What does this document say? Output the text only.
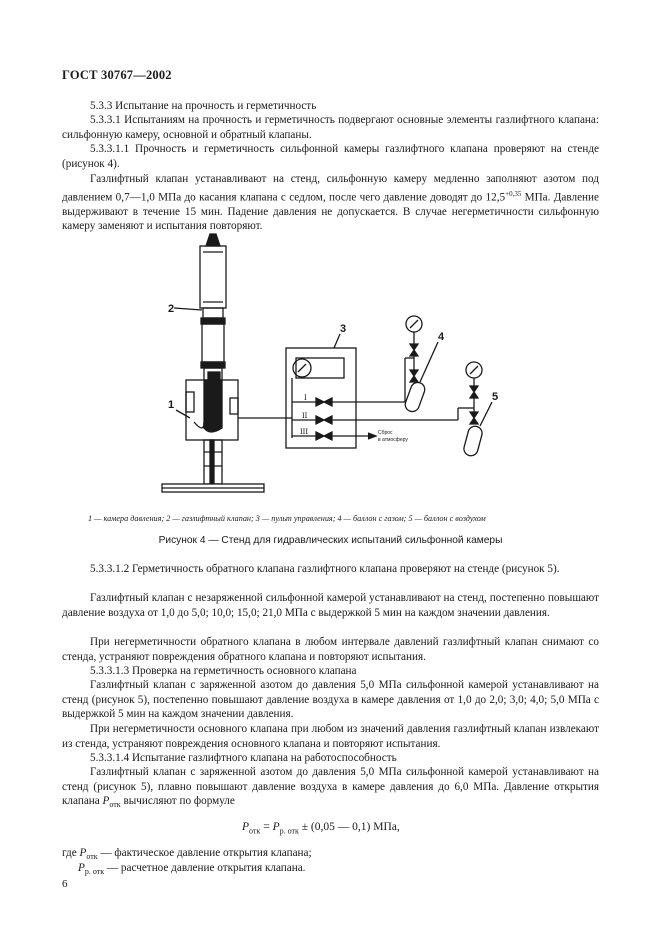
ГОСТ 30767—2002
5.3.3 Испытание на прочность и герметичность
5.3.3.1 Испытаниям на прочность и герметичность подвергают основные элементы газлифтного клапана: сильфонную камеру, основной и обратный клапаны.
5.3.3.1.1 Прочность и герметичность сильфонной камеры газлифтного клапана проверяют на стенде (рисунок 4).
Газлифтный клапан устанавливают на стенд, сильфонную камеру медленно заполняют азотом под давлением 0,7—1,0 МПа до касания клапана с седлом, после чего давление доводят до $12,5^{+0,35}$ МПа. Давление выдерживают в течение 15 мин. Падение давления не допускается. В случае негерметичности сильфонную камеру заменяют и испытания повторяют.
2
1
3
4
5
I
II
III	Сброс
в атмосферу
1 — камера давления; 2 — газлифтный клапан; 3 — пульт управления; 4 — баллон с газом; 5 — баллон с воздухом
Рисунок 4 — Стенд для гидравлических испытаний сильфонной камеры
5.3.3.1.2 Герметичность обратного клапана газлифтного клапана проверяют на стенде (рисунок 5).
Газлифтный клапан с незаряженной сильфонной камерой устанавливают на стенд, постепенно повышают давление воздуха от 1,0 до 5,0; 10,0; 15,0; 21,0 МПа с выдержкой 5 мин на каждом значении давления.
При негерметичности обратного клапана в любом интервале давлений газлифтный клапан снимают со стенда, устраняют повреждения обратного клапана и повторяют испытания.
5.3.3.1.3 Проверка на герметичность основного клапана
Газлифтный клапан с заряженной азотом до давления 5,0 МПа сильфонной камерой устанавливают на стенд (рисунок 5), постепенно повышают давление воздуха в камере давления от 1,0 до 2,0; 3,0; 4,0; 5,0 МПа с выдержкой 5 мин на каждом значении давления.
При негерметичности основного клапана при любом из значений давления газлифтный клапан извлекают из стенда, устраняют повреждения основного клапана и повторяют испытания.
5.3.3.1.4 Испытание газлифтного клапана на работоспособность
Газлифтный клапан с заряженной азотом до давления 5,0 МПа сильфонной камерой устанавливают на стенд (рисунок 5), плавно повышают давление воздуха в камере давления до 6,0 МПа. Давление открытия клапана $P_{отк}$ вычисляют по формуле
$P_{отк} = P_{р. отк} \pm (0,05$ — 0,1) МПа,
где $P_{отк}$ — фактическое давление открытия клапана;
$P_{р. отк}$ — расчетное давление открытия клапана.
6
